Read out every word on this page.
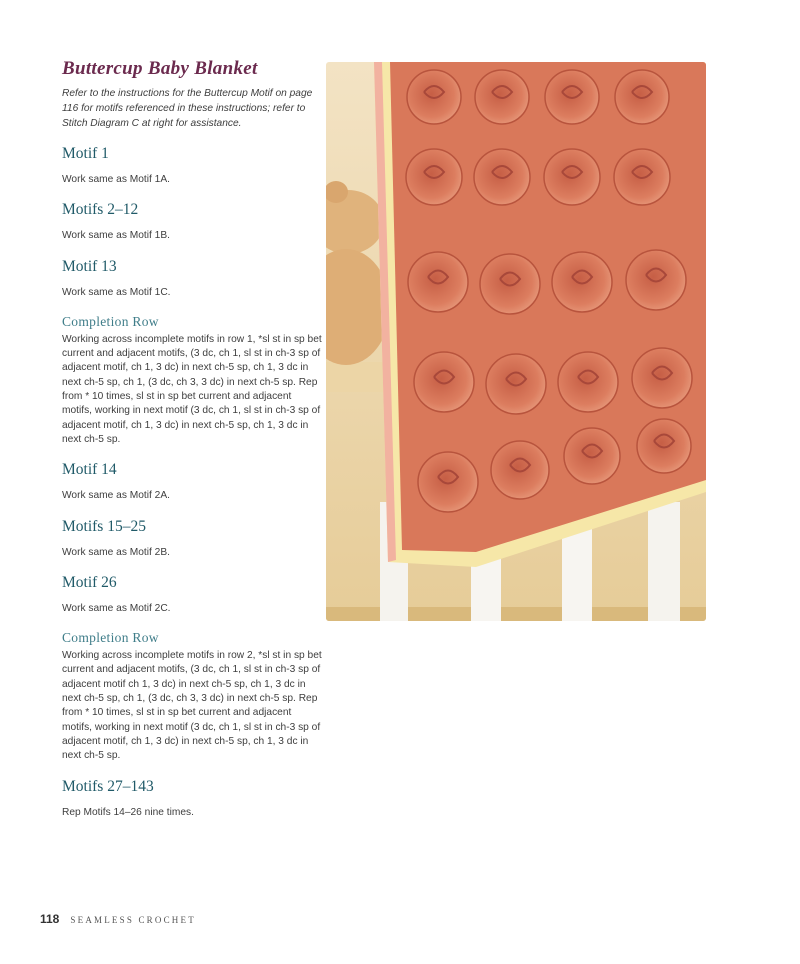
Buttercup Baby Blanket

Refer to the instructions for the Buttercup Motif on page 116 for motifs referenced in these instructions; refer to Stitch Diagram C at right for assistance.

Motif 1

Work same as Motif 1A.

Motifs 2–12

Work same as Motif 1B.

Motif 13

Work same as Motif 1C.

Completion Row

Working across incomplete motifs in row 1, *sl st in sp bet current and adjacent motifs, (3 dc, ch 1, sl st in ch-3 sp of adjacent motif, ch 1, 3 dc) in next ch-5 sp, ch 1, 3 dc in next ch-5 sp, ch 1, (3 dc, ch 3, 3 dc) in next ch-5 sp. Rep from * 10 times, sl st in sp bet current and adjacent motifs, working in next motif (3 dc, ch 1, sl st in ch-3 sp of adjacent motif, ch 1, 3 dc) in next ch-5 sp, ch 1, 3 dc in next ch-5 sp.

Motif 14

Work same as Motif 2A.

Motifs 15–25

Work same as Motif 2B.

Motif 26

Work same as Motif 2C.

Completion Row

Working across incomplete motifs in row 2, *sl st in sp bet current and adjacent motifs, (3 dc, ch 1, sl st in ch-3 sp of adjacent motif ch 1, 3 dc) in next ch-5 sp, ch 1, 3 dc in next ch-5 sp, ch 1, (3 dc, ch 3, 3 dc) in next ch-5 sp. Rep from * 10 times, sl st in sp bet current and adjacent motifs, working in next motif (3 dc, ch 1, sl st in ch-3 sp of adjacent motif, ch 1, 3 dc) in next ch-5 sp, ch 1, 3 dc in next ch-5 sp.

Motifs 27–143

Rep Motifs 14–26 nine times.

118 SEAMLESS CROCHET
